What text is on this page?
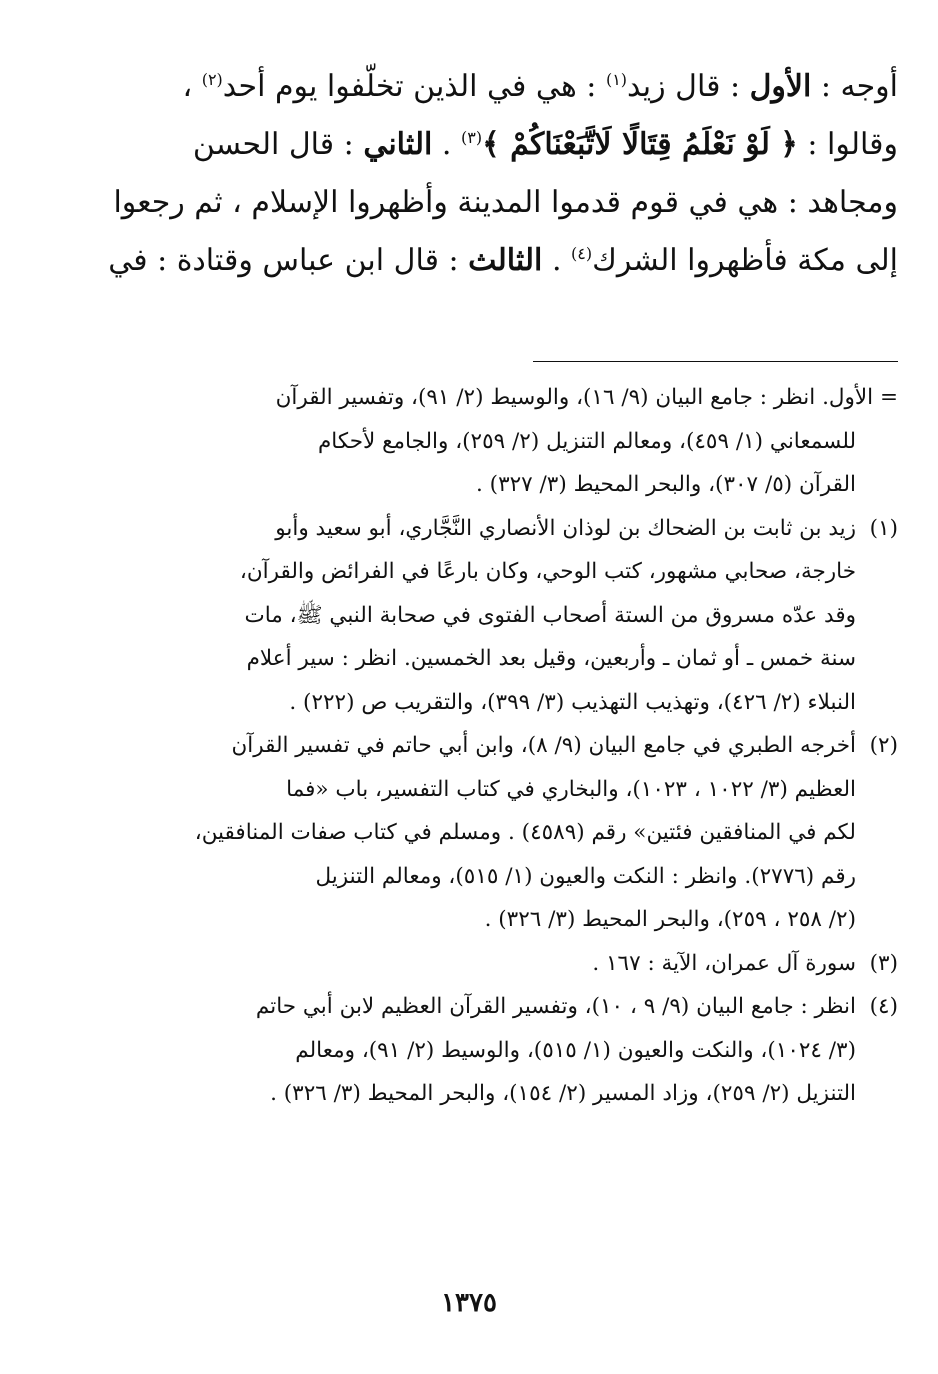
أوجه : الأول : قال زيد$^{(١)}$ : هي في الذين تخلّفوا يوم أحد$^{(٢)}$ ،
وقالوا : ﴿ لَوْ نَعْلَمُ قِتَالًا لَاتَّبَعْنَاكُمْ ﴾$^{(٣)}$ . الثاني : قال الحسن
ومجاهد : هي في قوم قدموا المدينة وأظهروا الإسلام ، ثم رجعوا
إلى مكة فأظهروا الشرك$^{(٤)}$ . الثالث : قال ابن عباس وقتادة : في
= الأول. انظر : جامع البيان (٩/ ١٦)، والوسيط (٢/ ٩١)، وتفسير القرآن
للسمعاني (١/ ٤٥٩)، ومعالم التنزيل (٢/ ٢٥٩)، والجامع لأحكام
القرآن (٥/ ٣٠٧)، والبحر المحيط (٣/ ٣٢٧) .
(١)زيد بن ثابت بن الضحاك بن لوذان الأنصاري النَّجَّاري، أبو سعيد وأبو
خارجة، صحابي مشهور، كتب الوحي، وكان بارعًا في الفرائض والقرآن،
وقد عدّه مسروق من الستة أصحاب الفتوى في صحابة النبي ﷺ، مات
سنة خمس ـ أو ثمان ـ وأربعين، وقيل بعد الخمسين. انظر : سير أعلام
النبلاء (٢/ ٤٢٦)، وتهذيب التهذيب (٣/ ٣٩٩)، والتقريب ص (٢٢٢) .
(٢)أخرجه الطبري في جامع البيان (٩/ ٨)، وابن أبي حاتم في تفسير القرآن
العظيم (٣/ ١٠٢٢ ، ١٠٢٣)، والبخاري في كتاب التفسير، باب «فما
لكم في المنافقين فئتين» رقم (٤٥٨٩) . ومسلم في كتاب صفات المنافقين،
رقم (٢٧٧٦). وانظر : النكت والعيون (١/ ٥١٥)، ومعالم التنزيل
(٢/ ٢٥٨ ، ٢٥٩)، والبحر المحيط (٣/ ٣٢٦) .
(٣)سورة آل عمران، الآية : ١٦٧ .
(٤)انظر : جامع البيان (٩/ ٩ ، ١٠)، وتفسير القرآن العظيم لابن أبي حاتم
(٣/ ١٠٢٤)، والنكت والعيون (١/ ٥١٥)، والوسيط (٢/ ٩١)، ومعالم
التنزيل (٢/ ٢٥٩)، وزاد المسير (٢/ ١٥٤)، والبحر المحيط (٣/ ٣٢٦) .
١٣٧٥
